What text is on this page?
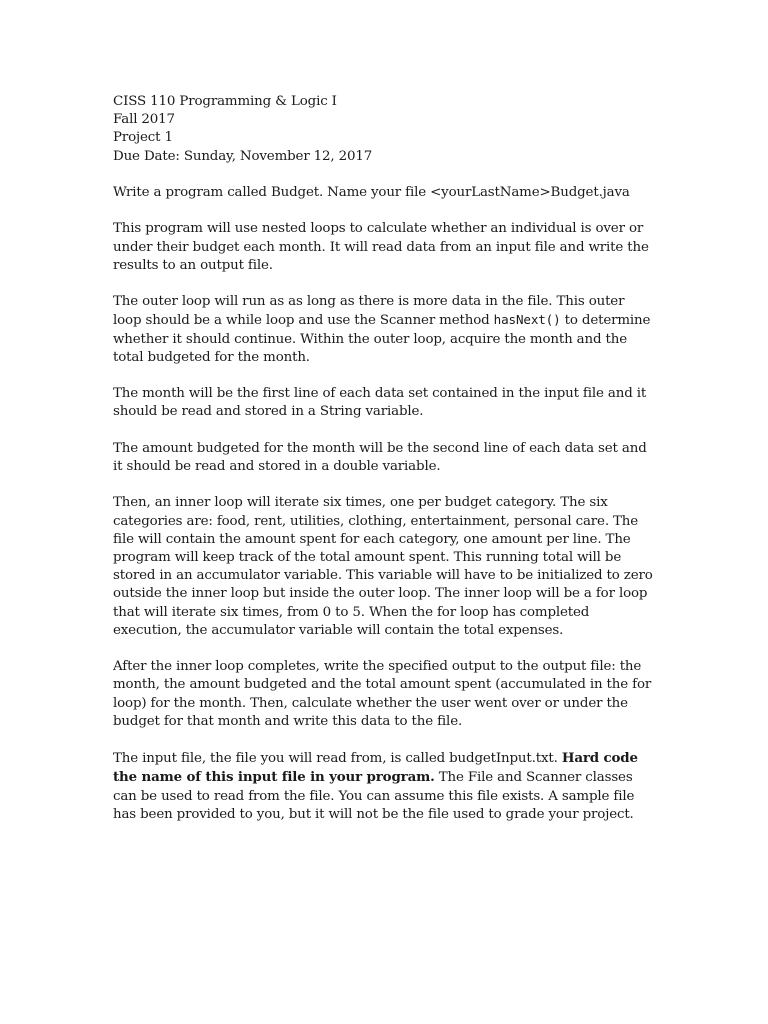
CISS 110 Programming & Logic I
Fall 2017
Project 1
Due Date: Sunday, November 12, 2017

Write a program called Budget. Name your file <yourLastName>Budget.java

This program will use nested loops to calculate whether an individual is over or under their budget each month. It will read data from an input file and write the results to an output file.

The outer loop will run as as long as there is more data in the file. This outer loop should be a while loop and use the Scanner method hasNext() to determine whether it should continue. Within the outer loop, acquire the month and the total budgeted for the month.

The month will be the first line of each data set contained in the input file and it should be read and stored in a String variable.

The amount budgeted for the month will be the second line of each data set and it should be read and stored in a double variable.

Then, an inner loop will iterate six times, one per budget category. The six categories are: food, rent, utilities, clothing, entertainment, personal care. The file will contain the amount spent for each category, one amount per line. The program will keep track of the total amount spent. This running total will be stored in an accumulator variable. This variable will have to be initialized to zero outside the inner loop but inside the outer loop. The inner loop will be a for loop that will iterate six times, from 0 to 5. When the for loop has completed execution, the accumulator variable will contain the total expenses.

After the inner loop completes, write the specified output to the output file: the month, the amount budgeted and the total amount spent (accumulated in the for loop) for the month. Then, calculate whether the user went over or under the budget for that month and write this data to the file.

The input file, the file you will read from, is called budgetInput.txt. Hard code the name of this input file in your program. The File and Scanner classes can be used to read from the file. You can assume this file exists. A sample file has been provided to you, but it will not be the file used to grade your project.
